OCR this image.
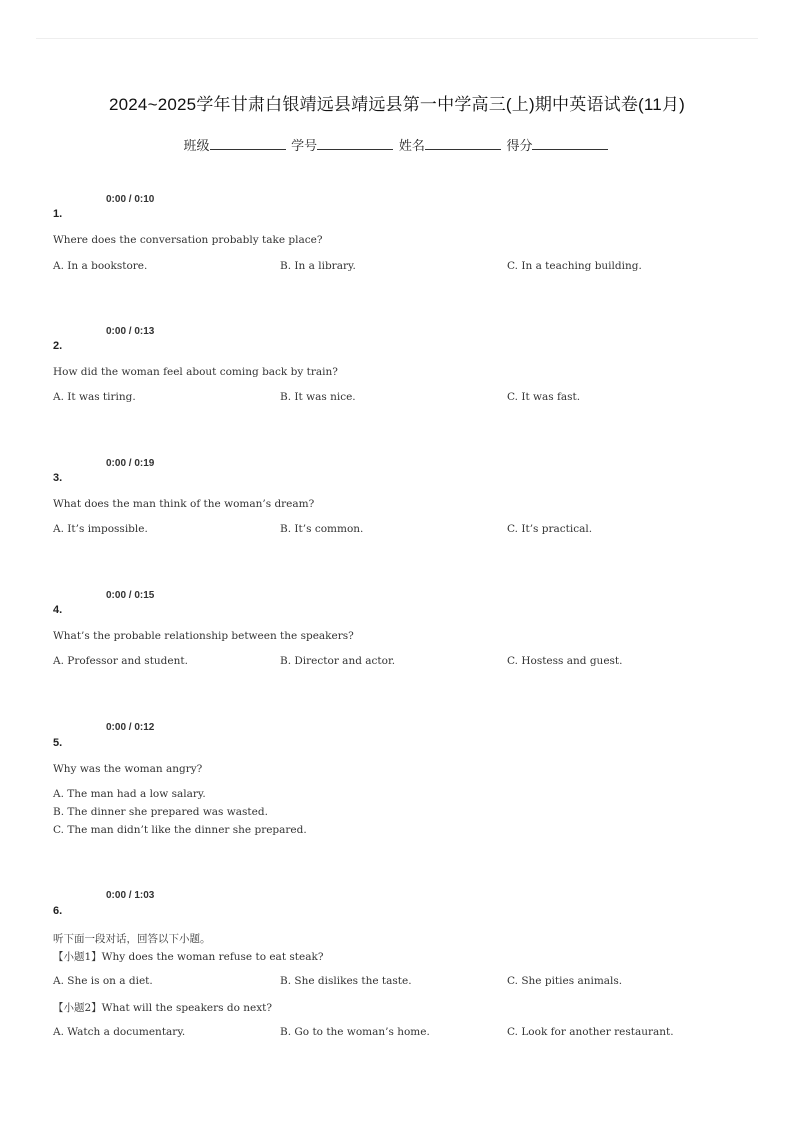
2024~2025学年甘肃白银靖远县靖远县第一中学高三(上)期中英语试卷(11月)
班级	学号	姓名	得分
0:00 / 0:10
1.
Where does the conversation probably take place?
A. In a bookstore.	B. In a library.	C. In a teaching building.
0:00 / 0:13
2.
How did the woman feel about coming back by train?
A. It was tiring.	B. It was nice.	C. It was fast.
0:00 / 0:19
3.
What does the man think of the woman’s dream?
A. It’s impossible.	B. It’s common.	C. It’s practical.
0:00 / 0:15
4.
What’s the probable relationship between the speakers?
A. Professor and student.	B. Director and actor.	C. Hostess and guest.
0:00 / 0:12
5.
Why was the woman angry?
A. The man had a low salary.
B. The dinner she prepared was wasted.
C. The man didn’t like the dinner she prepared.
0:00 / 1:03
6.
听下面一段对话，回答以下小题。
【小题1】Why does the woman refuse to eat steak?
A. She is on a diet.	B. She dislikes the taste.	C. She pities animals.
【小题2】What will the speakers do next?
A. Watch a documentary.	B. Go to the woman’s home.	C. Look for another restaurant.
